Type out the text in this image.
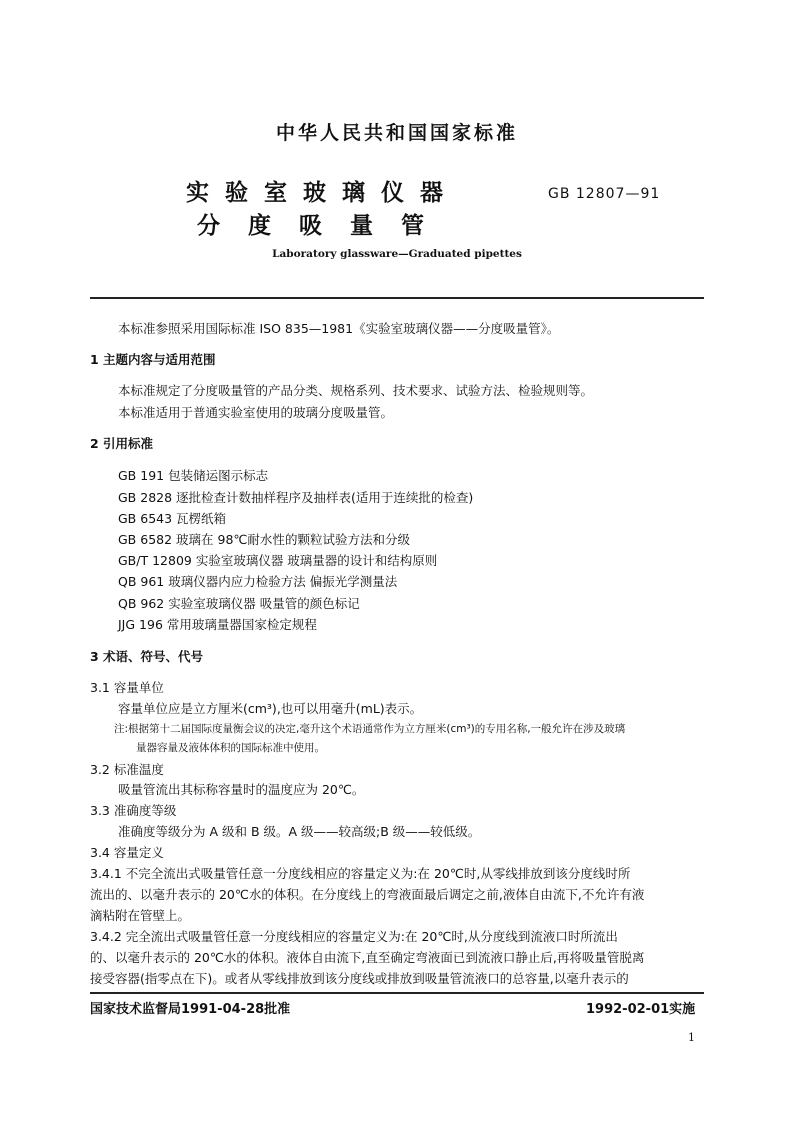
中华人民共和国国家标准
实 验 室 玻 璃 仪 器
分 度 吸 量 管
GB 12807—91
Laboratory glassware—Graduated pipettes
本标准参照采用国际标准 ISO 835—1981《实验室玻璃仪器——分度吸量管》。
1 主题内容与适用范围
本标准规定了分度吸量管的产品分类、规格系列、技术要求、试验方法、检验规则等。
本标准适用于普通实验室使用的玻璃分度吸量管。
2 引用标准
GB 191 包装储运图示标志
GB 2828 逐批检查计数抽样程序及抽样表(适用于连续批的检查)
GB 6543 瓦楞纸箱
GB 6582 玻璃在 98℃耐水性的颗粒试验方法和分级
GB/T 12809 实验室玻璃仪器 玻璃量器的设计和结构原则
QB 961 玻璃仪器内应力检验方法 偏振光学测量法
QB 962 实验室玻璃仪器 吸量管的颜色标记
JJG 196 常用玻璃量器国家检定规程
3 术语、符号、代号
3.1 容量单位
容量单位应是立方厘米(cm³),也可以用毫升(mL)表示。
注:根据第十二届国际度量衡会议的决定,毫升这个术语通常作为立方厘米(cm³)的专用名称,一般允许在涉及玻璃
量器容量及液体体积的国际标准中使用。
3.2 标准温度
吸量管流出其标称容量时的温度应为 20℃。
3.3 准确度等级
准确度等级分为 A 级和 B 级。A 级——较高级;B 级——较低级。
3.4 容量定义
3.4.1 不完全流出式吸量管任意一分度线相应的容量定义为:在 20℃时,从零线排放到该分度线时所
流出的、以毫升表示的 20℃水的体积。在分度线上的弯液面最后调定之前,液体自由流下,不允许有液
滴粘附在管壁上。
3.4.2 完全流出式吸量管任意一分度线相应的容量定义为:在 20℃时,从分度线到流液口时所流出
的、以毫升表示的 20℃水的体积。液体自由流下,直至确定弯液面已到流液口静止后,再将吸量管脱离
接受容器(指零点在下)。或者从零线排放到该分度线或排放到吸量管流液口的总容量,以毫升表示的
国家技术监督局1991-04-28批准	1992-02-01实施
1
